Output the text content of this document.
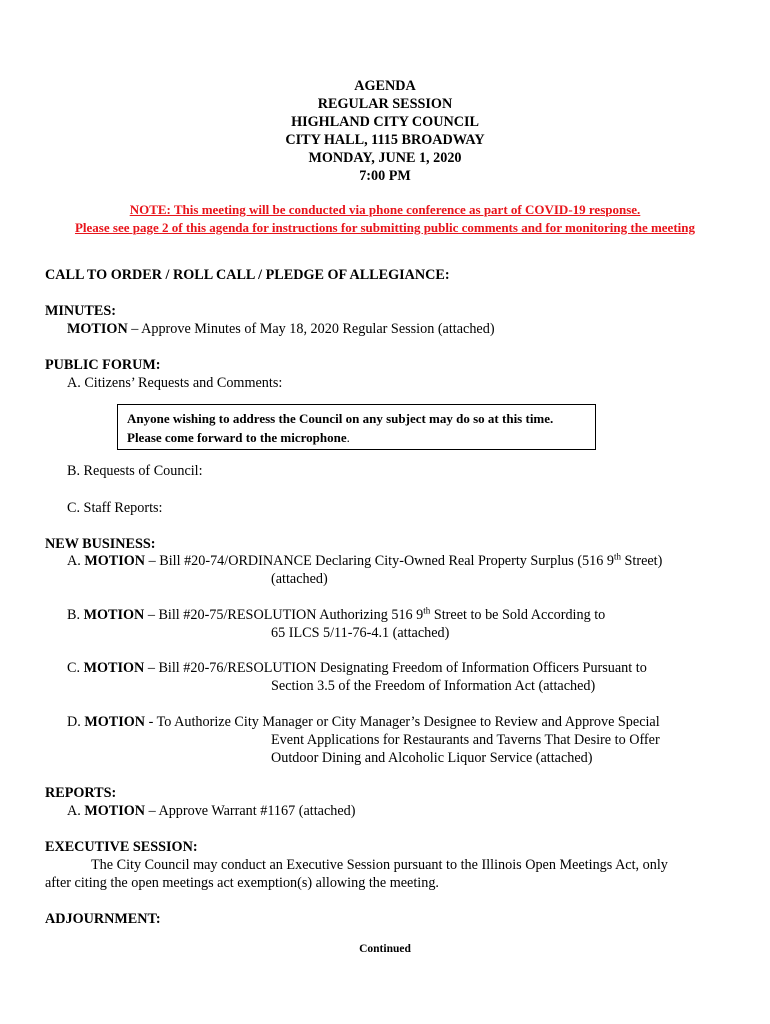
AGENDA
REGULAR SESSION
HIGHLAND CITY COUNCIL
CITY HALL, 1115 BROADWAY
MONDAY, JUNE 1, 2020
7:00 PM
NOTE: This meeting will be conducted via phone conference as part of COVID-19 response.
Please see page 2 of this agenda for instructions for submitting public comments and for monitoring the meeting
CALL TO ORDER / ROLL CALL / PLEDGE OF ALLEGIANCE:
MINUTES:
MOTION – Approve Minutes of May 18, 2020 Regular Session (attached)
PUBLIC FORUM:
A. Citizens’ Requests and Comments:
Anyone wishing to address the Council on any subject may do so at this time.
Please come forward to the microphone.
B. Requests of Council:
C. Staff Reports:
NEW BUSINESS:
A. MOTION – Bill #20-74/ORDINANCE Declaring City-Owned Real Property Surplus (516 9th Street)
(attached)
B. MOTION – Bill #20-75/RESOLUTION Authorizing 516 9th Street to be Sold According to
65 ILCS 5/11-76-4.1 (attached)
C. MOTION – Bill #20-76/RESOLUTION Designating Freedom of Information Officers Pursuant to
Section 3.5 of the Freedom of Information Act (attached)
D. MOTION - To Authorize City Manager or City Manager’s Designee to Review and Approve Special
Event Applications for Restaurants and Taverns That Desire to Offer
Outdoor Dining and Alcoholic Liquor Service (attached)
REPORTS:
A. MOTION – Approve Warrant #1167 (attached)
EXECUTIVE SESSION:
The City Council may conduct an Executive Session pursuant to the Illinois Open Meetings Act, only
after citing the open meetings act exemption(s) allowing the meeting.
ADJOURNMENT:
Continued
